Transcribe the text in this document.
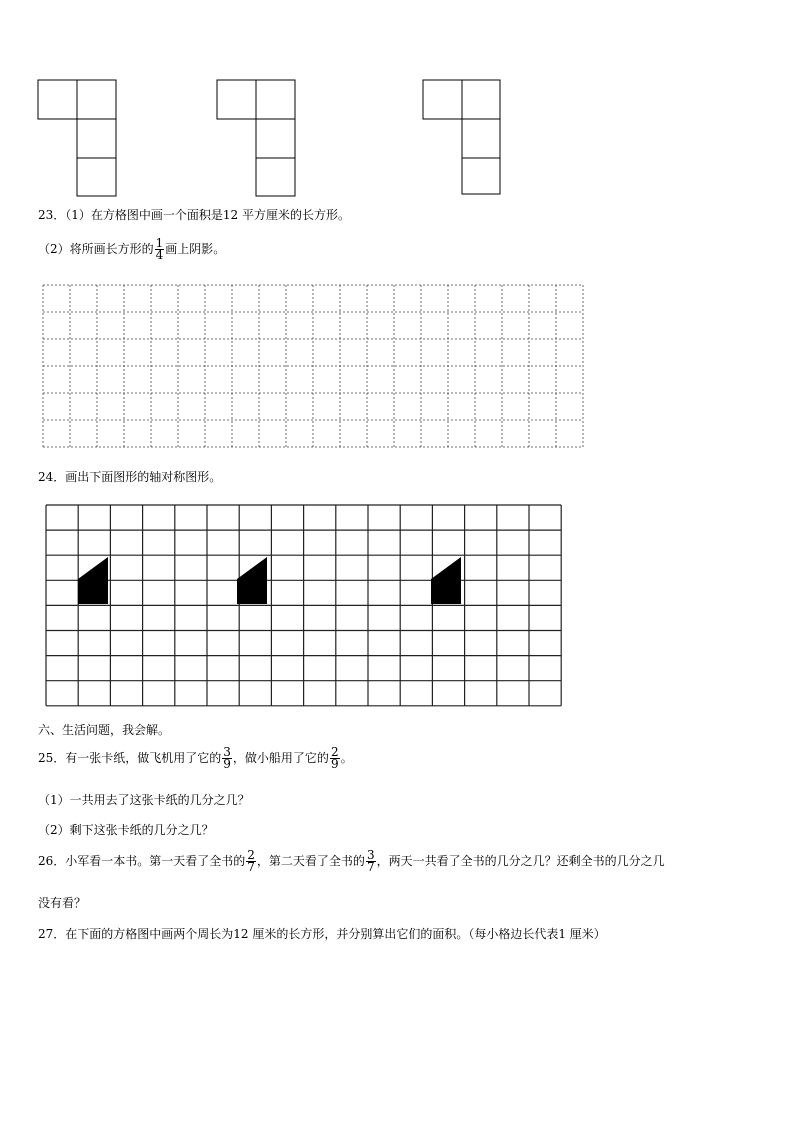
23．（1）在方格图中画一个面积是12 平方厘米的长方形。
（2）将所画长方形的 $\frac{1}{4}$ 画上阴影。
24．画出下面图形的轴对称图形。
六、生活问题，我会解。
25．有一张卡纸，做飞机用了它的 $\frac{3}{9}$ ，做小船用了它的 $\frac{2}{9}$ 。
（1）一共用去了这张卡纸的几分之几？
（2）剩下这张卡纸的几分之几？
26．小军看一本书。第一天看了全书的 $\frac{2}{7}$ ，第二天看了全书的 $\frac{3}{7}$ ，两天一共看了全书的几分之几？还剩全书的几分之几
没有看？
27．在下面的方格图中画两个周长为12 厘米的长方形，并分别算出它们的面积。（每小格边长代表1 厘米）
